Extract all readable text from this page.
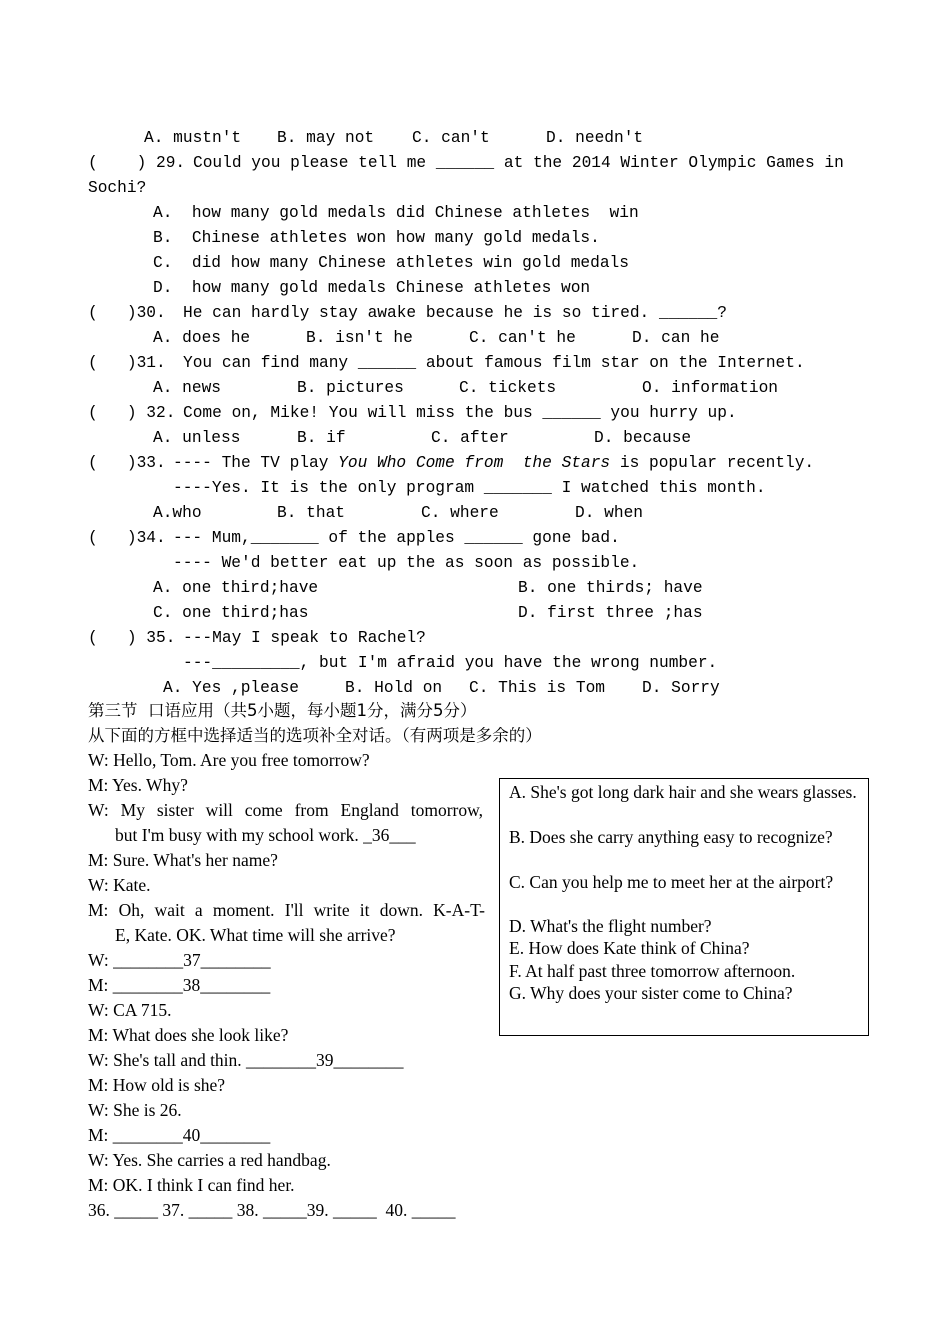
A. mustn't B. may not C. can't	D. needn't
(    ) 29. Could you please tell me ______ at the 2014 Winter Olympic Games in
Sochi?
A.  how many gold medals did Chinese athletes  win
B.  Chinese athletes won how many gold medals.
C.  did how many Chinese athletes win gold medals
D.  how many gold medals Chinese athletes won
(   )30. He can hardly stay awake because he is so tired. ______?
A. does he	B. isn't he	C. can't he	D. can he
(   )31. You can find many ______ about famous film star on the Internet.
A. news	B. pictures	C. tickets	O. information
(   ) 32. Come on, Mike! You will miss the bus ______ you hurry up.
A. unless	B. if	C. after	D. because
(   )33. ---- The TV play You Who Come from  the Stars is popular recently.
----Yes. It is the only program _______ I watched this month.
A.who	B. that	C. where	D. when
(   )34. --- Mum,_______ of the apples ______ gone bad.
---- We'd better eat up the as soon as possible.
A. one third;have	B. one thirds; have
C. one third;has	D. first three ;has
(   ) 35. ---May I speak to Rachel?
---_________, but I'm afraid you have the wrong number.
A. Yes ,please	B. Hold on C. This is Tom D. Sorry
第三节  口语应用（共5小题，每小题1分，满分5分）
从下面的方框中选择适当的选项补全对话。（有两项是多余的）
W: Hello, Tom. Are you free tomorrow?
M: Yes. Why?
W: My sister will come from England tomorrow,
but I'm busy with my school work. _36___
M: Sure. What's her name?
W: Kate.
M: Oh, wait a moment. I'll write it down. K-A-T-
E, Kate. OK. What time will she arrive?
W: ________37________
M: ________38________
W: CA 715.
M: What does she look like?
W: She's tall and thin. ________39________
M: How old is she?
W: She is 26.
M: ________40________
W: Yes. She carries a red handbag.
M: OK. I think I can find her.
36. _____ 37. _____ 38. _____39. _____  40. _____
A. She's got long dark hair and she wears glasses.
B. Does she carry anything easy to recognize?
C. Can you help me to meet her at the airport?
D. What's the flight number?
E. How does Kate think of China?
F. At half past three tomorrow afternoon.
G. Why does your sister come to China?
